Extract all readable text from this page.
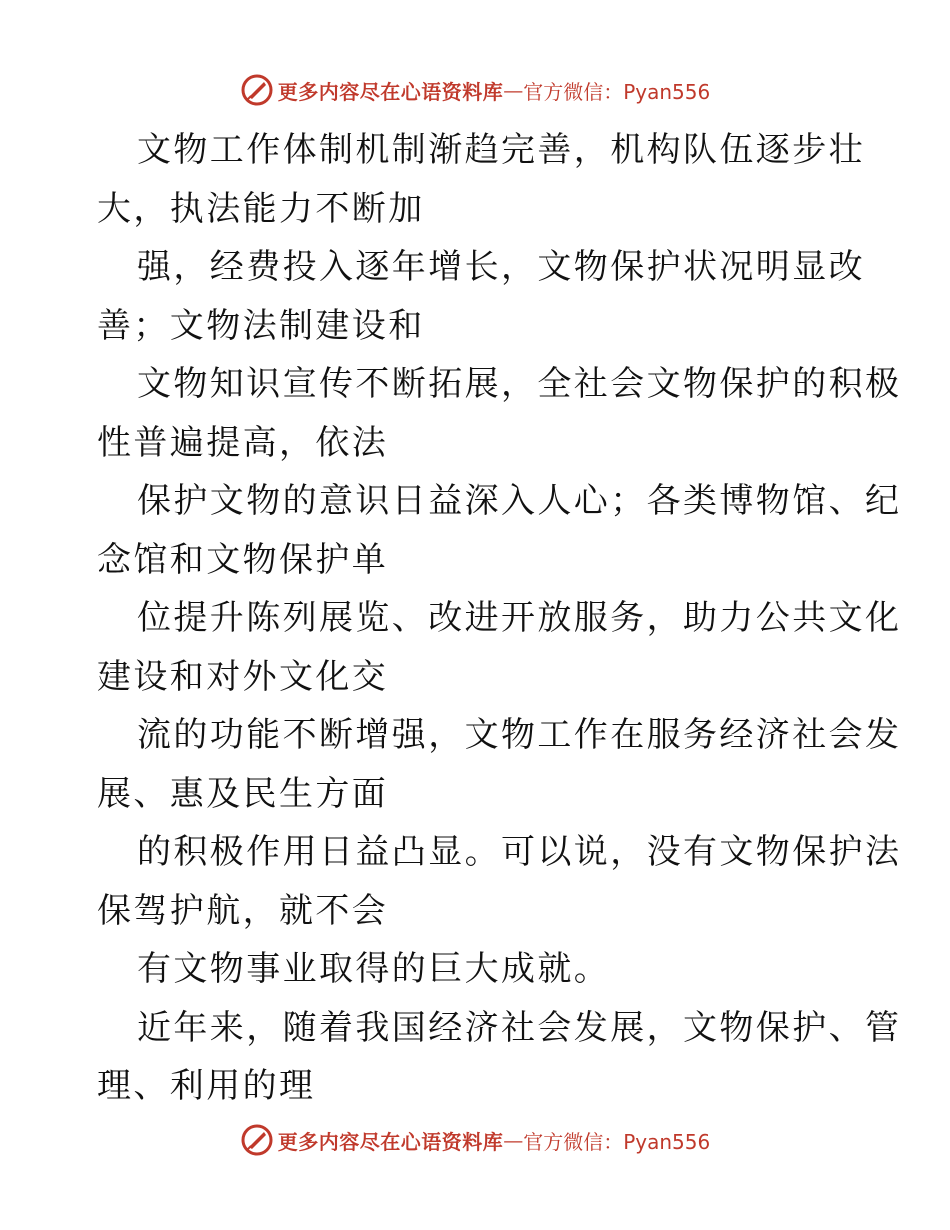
更多内容尽在心语资料库 — 官方微信：Pyan556
文物工作体制机制渐趋完善，机构队伍逐步壮
大，执法能力不断加
强，经费投入逐年增长，文物保护状况明显改
善；文物法制建设和
文物知识宣传不断拓展，全社会文物保护的积极
性普遍提高，依法
保护文物的意识日益深入人心；各类博物馆、纪
念馆和文物保护单
位提升陈列展览、改进开放服务，助力公共文化
建设和对外文化交
流的功能不断增强，文物工作在服务经济社会发
展、惠及民生方面
的积极作用日益凸显。可以说，没有文物保护法
保驾护航，就不会
有文物事业取得的巨大成就。
近年来，随着我国经济社会发展，文物保护、管
理、利用的理
更多内容尽在心语资料库 — 官方微信：Pyan556
